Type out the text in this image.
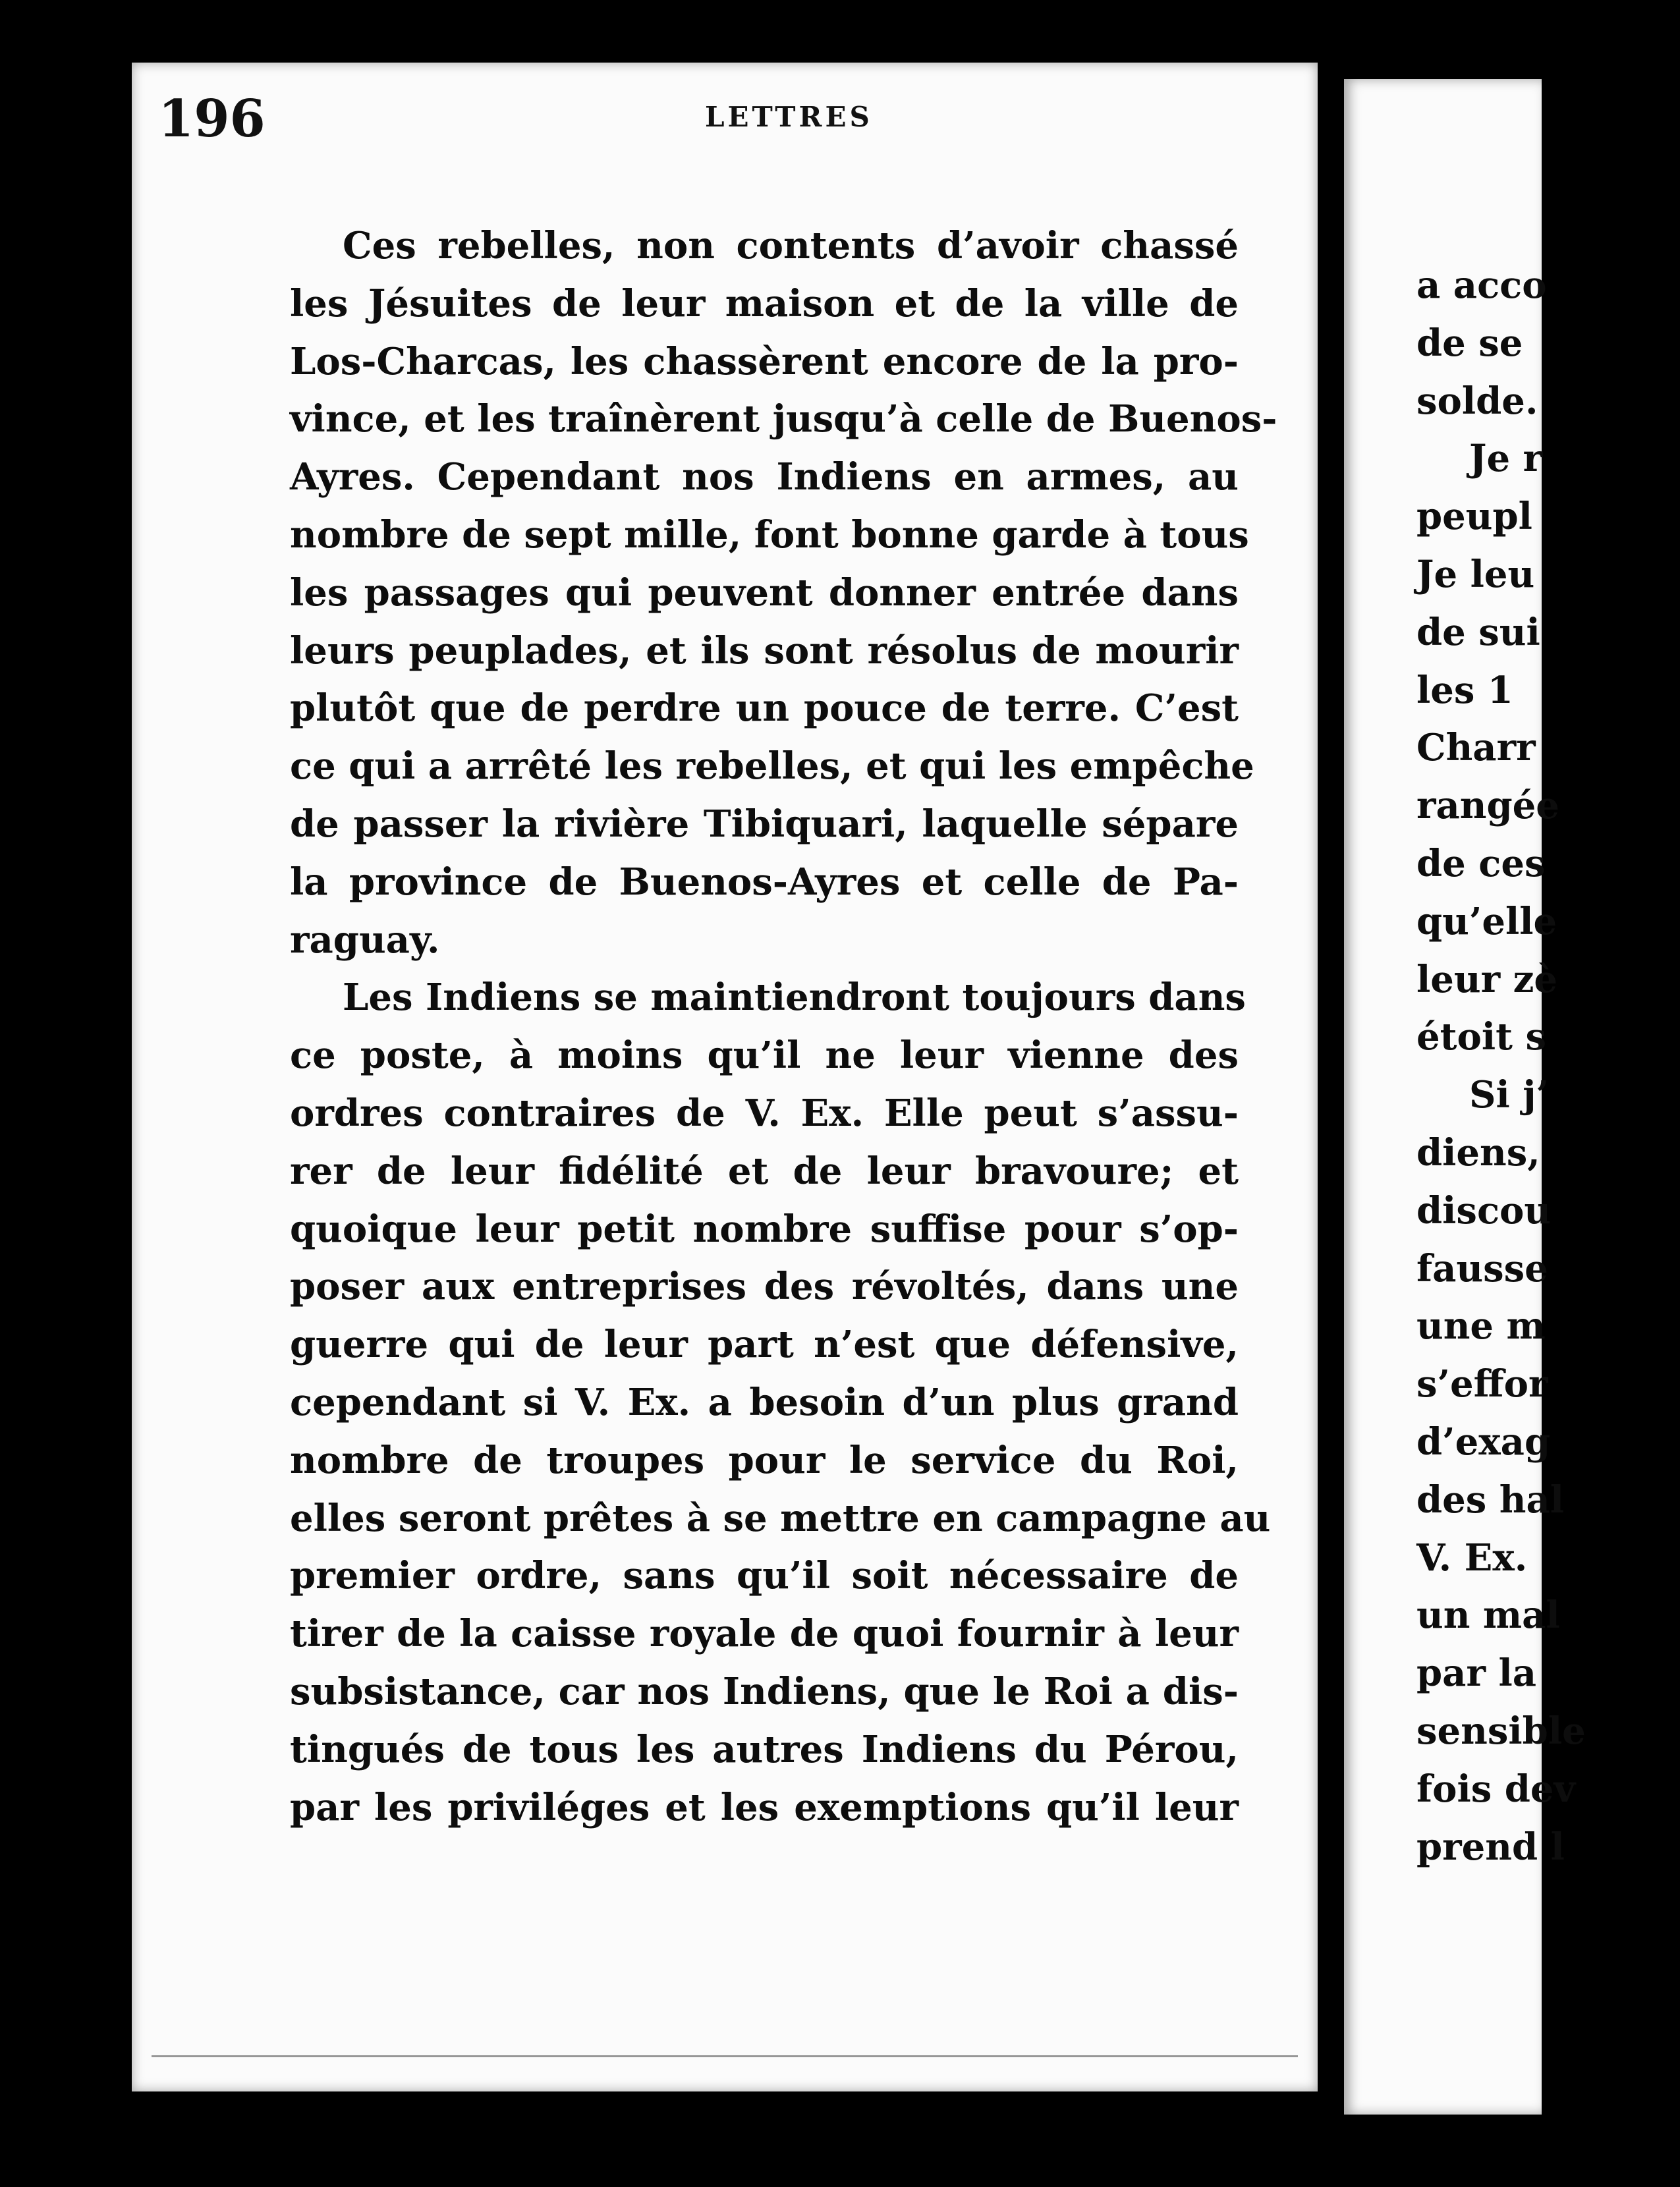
196	LETTRES
Ces rebelles, non contents d’avoir chassé
les Jésuites de leur maison et de la ville de
Los-Charcas, les chassèrent encore de la pro-
vince, et les traînèrent jusqu’à celle de Buenos-
Ayres. Cependant nos Indiens en armes, au
nombre de sept mille, font bonne garde à tous
les passages qui peuvent donner entrée dans
leurs peuplades, et ils sont résolus de mourir
plutôt que de perdre un pouce de terre. C’est
ce qui a arrêté les rebelles, et qui les empêche
de passer la rivière Tibiquari, laquelle sépare
la province de Buenos-Ayres et celle de Pa-
raguay.
Les Indiens se maintiendront toujours dans
ce poste, à moins qu’il ne leur vienne des
ordres contraires de V. Ex. Elle peut s’assu-
rer de leur fidélité et de leur bravoure; et
quoique leur petit nombre suffise pour s’op-
poser aux entreprises des révoltés, dans une
guerre qui de leur part n’est que défensive,
cependant si V. Ex. a besoin d’un plus grand
nombre de troupes pour le service du Roi,
elles seront prêtes à se mettre en campagne au
premier ordre, sans qu’il soit nécessaire de
tirer de la caisse royale de quoi fournir à leur
subsistance, car nos Indiens, que le Roi a dis-
tingués de tous les autres Indiens du Pérou,
par les priviléges et les exemptions qu’il leur
a acco
de se
solde.
Je r
peupl
Je leu
de sui
les 1
Charr
rangée
de ces
qu’elle
leur zè
étoit s
Si j’
diens,
discou
fausse
une m
s’effor
d’exag
des hal
V. Ex.
un mal
par la
sensible
fois dev
prend l
